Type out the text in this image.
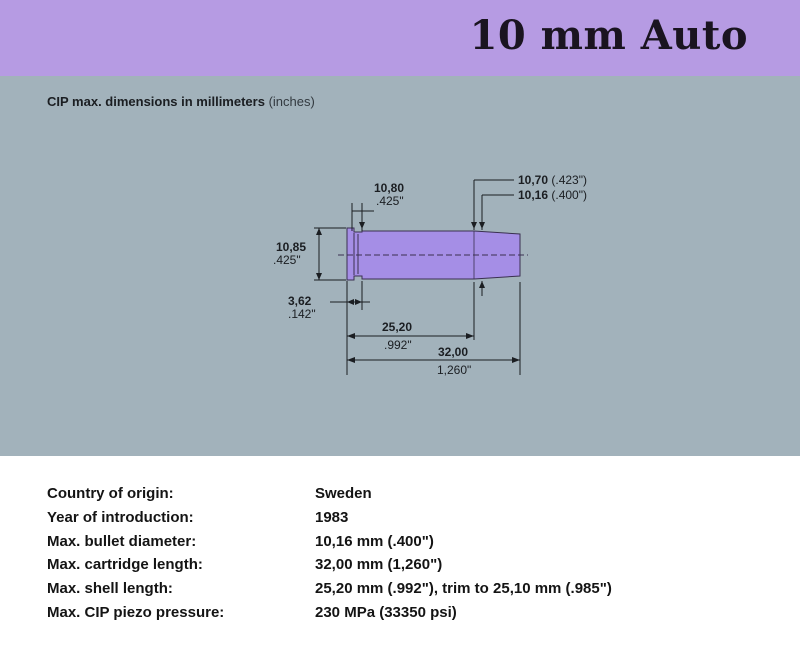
10 mm Auto
CIP max. dimensions in millimeters (inches)
10,85
.425"
10,80
.425"
10,70 (.423")
10,16 (.400")
3,62
.142"
25,20
.992" 32,00
1,260"
Country of origin:	Sweden
Year of introduction:	1983
Max. bullet diameter:	10,16 mm (.400")
Max. cartridge length:	32,00 mm (1,260")
Max. shell length:	25,20 mm (.992"), trim to 25,10 mm (.985")
Max. CIP piezo pressure:	230 MPa (33350 psi)
